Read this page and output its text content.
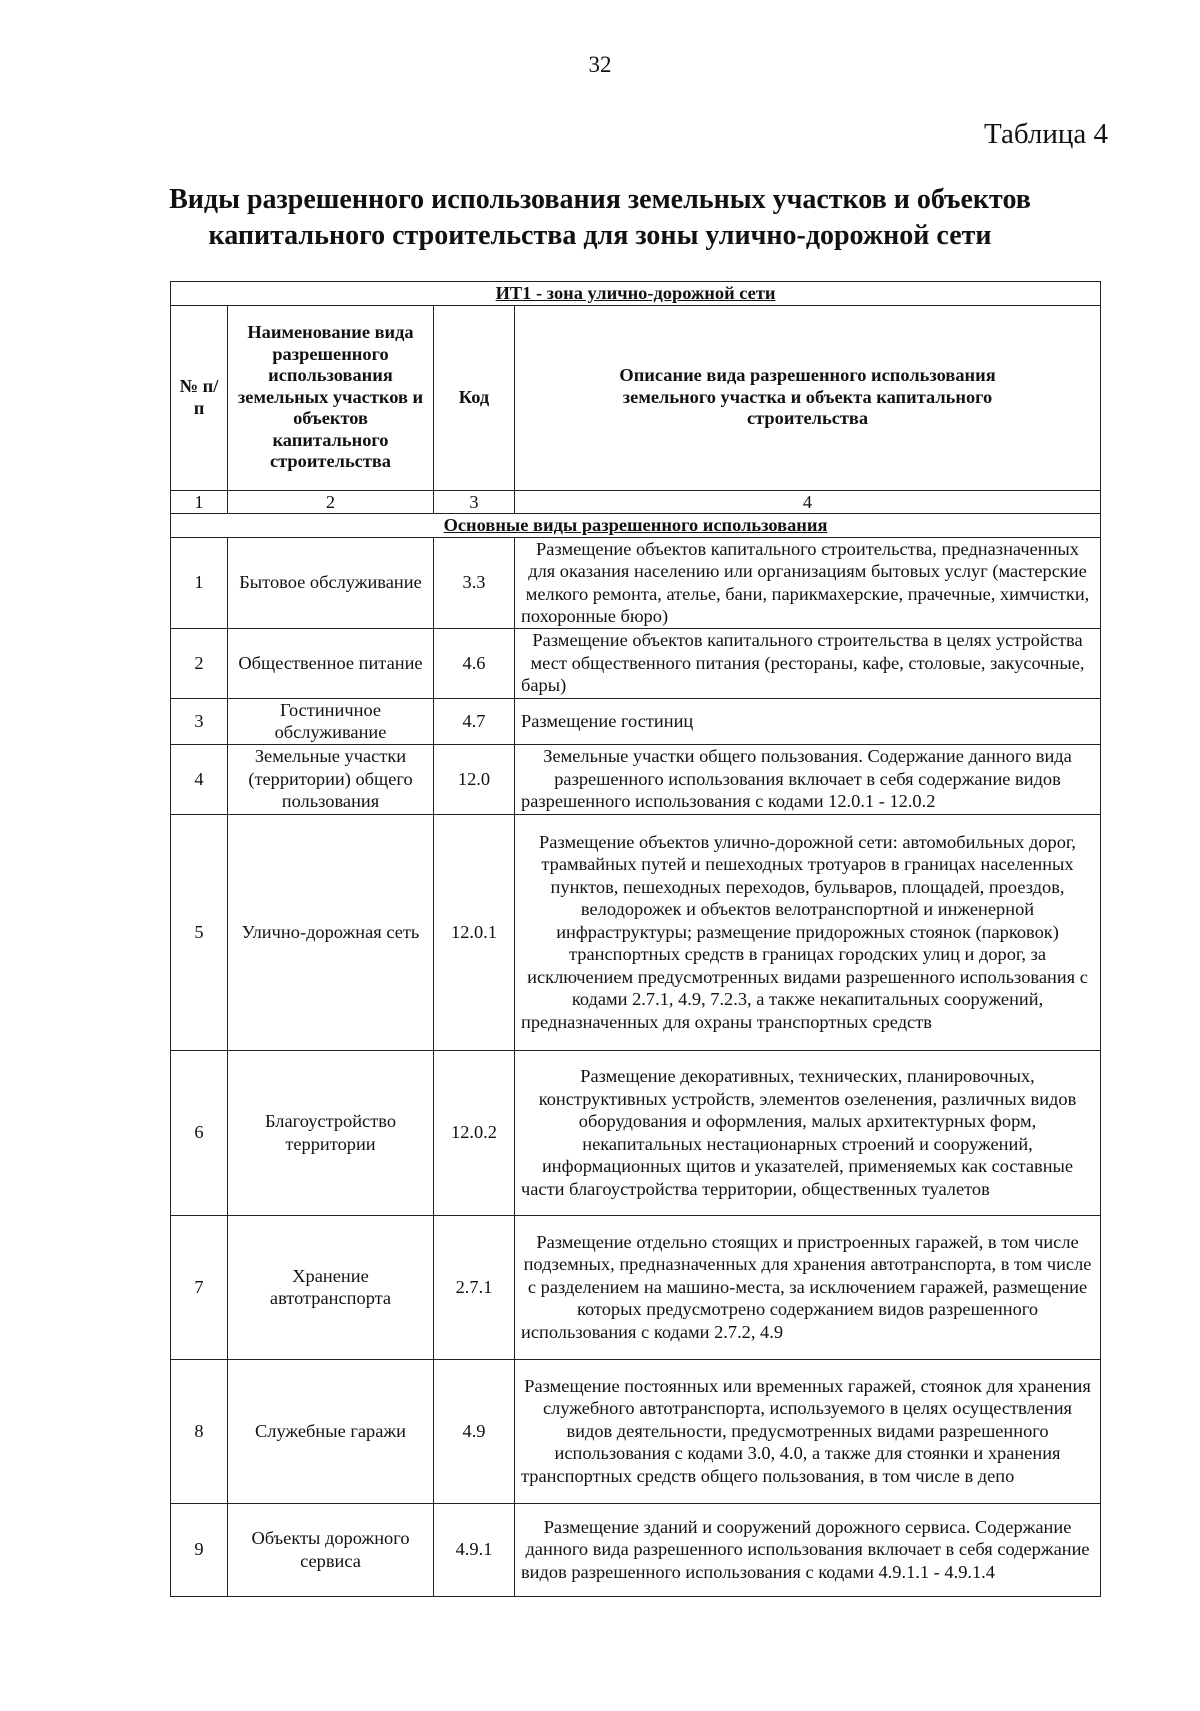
32
Таблица 4
Виды разрешенного использования земельных участков и объектов
капитального строительства для зоны улично-дорожной сети
ИТ1 - зона улично-дорожной сети			
№ п/п	Наименование вида разрешенного использования земельных участков и объектов капитального строительства	Код	Описание вида разрешенного использования земельного участка и объекта капитального строительства
1	2	3	4
Основные виды разрешенного использования			
1	Бытовое обслуживание	3.3	Размещение объектов капитального строительства, предназначенных для оказания населению или организациям бытовых услуг (мастерские мелкого ремонта, ателье, бани, парикмахерские, прачечные, химчистки, похоронные бюро)
2	Общественное питание	4.6	Размещение объектов капитального строительства в целях устройства мест общественного питания (рестораны, кафе, столовые, закусочные, бары)
3	Гостиничное обслуживание	4.7	Размещение гостиниц
4	Земельные участки (территории) общего пользования	12.0	Земельные участки общего пользования. Содержание данного вида разрешенного использования включает в себя содержание видов разрешенного использования с кодами 12.0.1 - 12.0.2
5	Улично-дорожная сеть	12.0.1	Размещение объектов улично-дорожной сети: автомобильных дорог, трамвайных путей и пешеходных тротуаров в границах населенных пунктов, пешеходных переходов, бульваров, площадей, проездов, велодорожек и объектов велотранспортной и инженерной инфраструктуры; размещение придорожных стоянок (парковок) транспортных средств в границах городских улиц и дорог, за исключением предусмотренных видами разрешенного использования с кодами 2.7.1, 4.9, 7.2.3, а также некапитальных сооружений, предназначенных для охраны транспортных средств
6	Благоустройство территории	12.0.2	Размещение декоративных, технических, планировочных, конструктивных устройств, элементов озеленения, различных видов оборудования и оформления, малых архитектурных форм, некапитальных нестационарных строений и сооружений, информационных щитов и указателей, применяемых как составные части благоустройства территории, общественных туалетов
7	Хранение автотранспорта	2.7.1	Размещение отдельно стоящих и пристроенных гаражей, в том числе подземных, предназначенных для хранения автотранспорта, в том числе с разделением на машино-места, за исключением гаражей, размещение которых предусмотрено содержанием видов разрешенного использования с кодами 2.7.2, 4.9
8	Служебные гаражи	4.9	Размещение постоянных или временных гаражей, стоянок для хранения служебного автотранспорта, используемого в целях осуществления видов деятельности, предусмотренных видами разрешенного использования с кодами 3.0, 4.0, а также для стоянки и хранения транспортных средств общего пользования, в том числе в депо
9	Объекты дорожного сервиса	4.9.1	Размещение зданий и сооружений дорожного сервиса. Содержание данного вида разрешенного использования включает в себя содержание видов разрешенного использования с кодами 4.9.1.1 - 4.9.1.4
